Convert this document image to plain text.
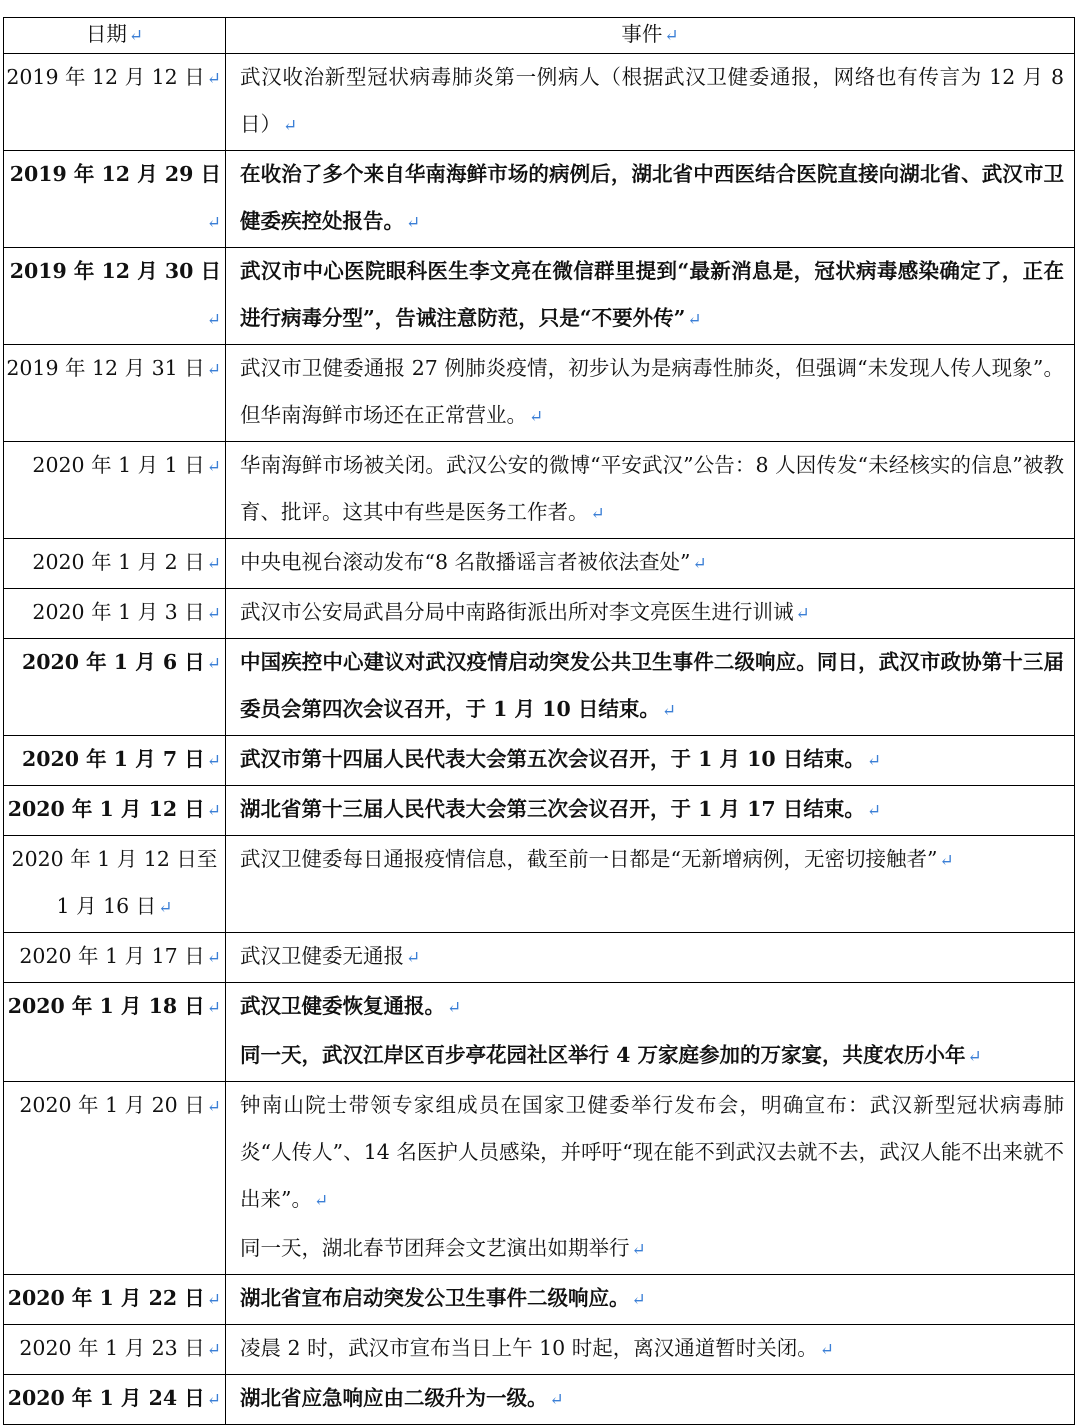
日期 ↵	事件 ↵
2019 年 12 月 12 日 ↵	武汉收治新型冠状病毒肺炎第一例病人（根据武汉卫健委通报，网络也有传言为 12 月 8 日） ↵

2019 年 12 月 29 日↵	在收治了多个来自华南海鲜市场的病例后，湖北省中西医结合医院直接向湖北省、武汉市卫健委疾控处报告。 ↵

2019 年 12 月 30 日↵	武汉市中心医院眼科医生李文亮在微信群里提到“最新消息是，冠状病毒感染确定了，正在进行病毒分型”，告诫注意防范，只是“不要外传” ↵

2019 年 12 月 31 日 ↵	武汉市卫健委通报 27 例肺炎疫情，初步认为是病毒性肺炎，但强调“未发现人传人现象”。但华南海鲜市场还在正常营业。 ↵

2020 年 1 月 1 日 ↵	华南海鲜市场被关闭。武汉公安的微博“平安武汉”公告：8 人因传发“未经核实的信息”被教育、批评。这其中有些是医务工作者。 ↵

2020 年 1 月 2 日 ↵	中央电视台滚动发布“8 名散播谣言者被依法查处” ↵

2020 年 1 月 3 日 ↵	武汉市公安局武昌分局中南路街派出所对李文亮医生进行训诫 ↵

2020 年 1 月 6 日 ↵	中国疾控中心建议对武汉疫情启动突发公共卫生事件二级响应。同日，武汉市政协第十三届委员会第四次会议召开，于 1 月 10 日结束。 ↵

2020 年 1 月 7 日 ↵	武汉市第十四届人民代表大会第五次会议召开，于 1 月 10 日结束。 ↵

2020 年 1 月 12 日 ↵	湖北省第十三届人民代表大会第三次会议召开，于 1 月 17 日结束。 ↵

2020 年 1 月 12 日至 1 月 16 日 ↵	武汉卫健委每日通报疫情信息，截至前一日都是“无新增病例，无密切接触者” ↵

2020 年 1 月 17 日 ↵	武汉卫健委无通报 ↵

2020 年 1 月 18 日 ↵	武汉卫健委恢复通报。 ↵
同一天，武汉江岸区百步亭花园社区举行 4 万家庭参加的万家宴，共度农历小年 ↵

2020 年 1 月 20 日 ↵	钟南山院士带领专家组成员在国家卫健委举行发布会，明确宣布：武汉新型冠状病毒肺炎“人传人”、14 名医护人员感染，并呼吁“现在能不到武汉去就不去，武汉人能不出来就不出来”。 ↵
同一天，湖北春节团拜会文艺演出如期举行 ↵

2020 年 1 月 22 日 ↵	湖北省宣布启动突发公卫生事件二级响应。 ↵

2020 年 1 月 23 日 ↵	凌晨 2 时，武汉市宣布当日上午 10 时起，离汉通道暂时关闭。 ↵

2020 年 1 月 24 日 ↵	湖北省应急响应由二级升为一级。 ↵
